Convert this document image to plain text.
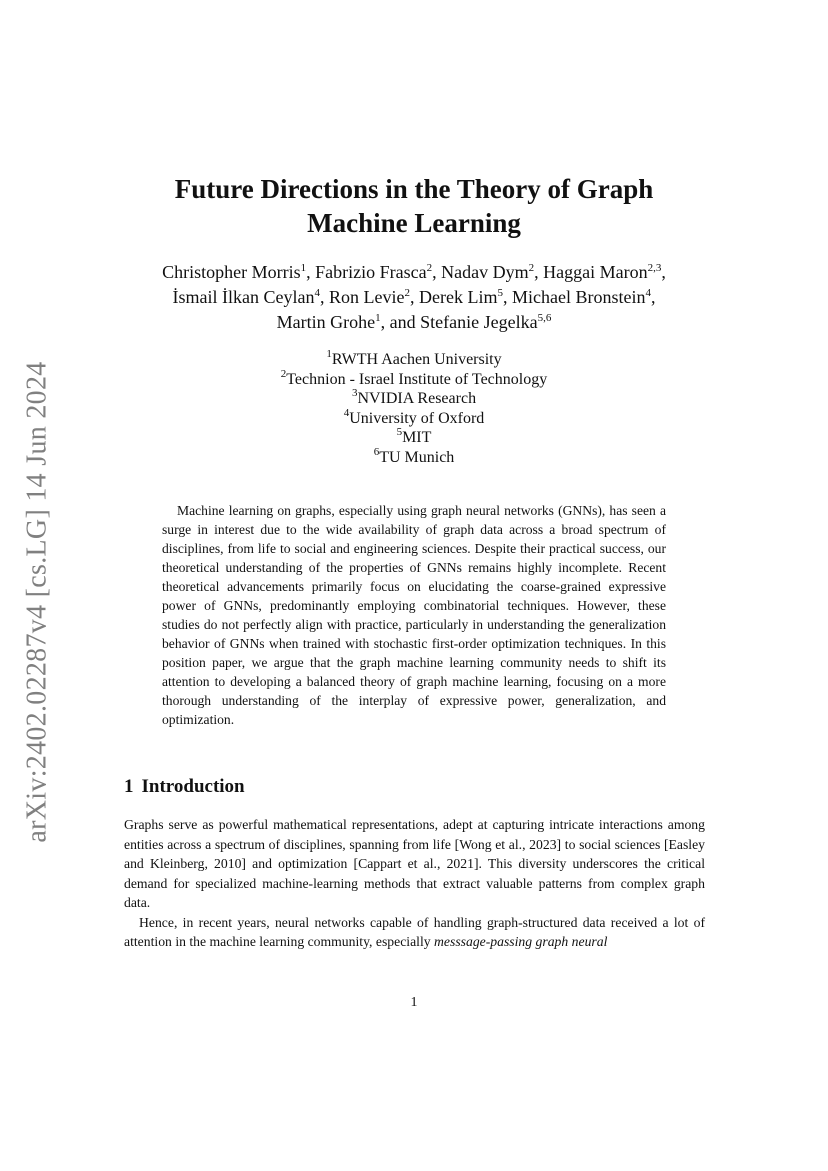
arXiv:2402.02287v4 [cs.LG] 14 Jun 2024
Future Directions in the Theory of Graph
Machine Learning
Christopher Morris$^1$, Fabrizio Frasca$^2$, Nadav Dym$^2$, Haggai Maron$^{2,3}$,
İsmail İlkan Ceylan$^4$, Ron Levie$^2$, Derek Lim$^5$, Michael Bronstein$^4$,
Martin Grohe$^1$, and Stefanie Jegelka$^{5,6}$
$^1$RWTH Aachen University
$^2$Technion - Israel Institute of Technology
$^3$NVIDIA Research
$^4$University of Oxford
$^5$MIT
$^6$TU Munich

Machine learning on graphs, especially using graph neural networks (GNNs), has seen a surge in interest due to the wide availability of graph data across a broad spectrum of disciplines, from life to social and engineering sciences. Despite their practical success, our theoretical understanding of the properties of GNNs remains highly incomplete. Recent theoretical advancements primarily focus on elucidating the coarse-grained expressive power of GNNs, predominantly employing combinatorial techniques. However, these studies do not perfectly align with practice, particularly in understanding the generalization behavior of GNNs when trained with stochastic first-order optimization techniques. In this position paper, we argue that the graph machine learning community needs to shift its attention to developing a balanced theory of graph machine learning, focusing on a more thorough understanding of the interplay of expressive power, generalization, and optimization.

1 Introduction

Graphs serve as powerful mathematical representations, adept at capturing intricate interactions among entities across a spectrum of disciplines, spanning from life [Wong et al., 2023] to social sciences [Easley and Kleinberg, 2010] and optimization [Cappart et al., 2021]. This diversity underscores the critical demand for specialized machine-learning methods that extract valuable patterns from complex graph data.

Hence, in recent years, neural networks capable of handling graph-structured data received a lot of attention in the machine learning community, especially messsage-passing graph neural

1
